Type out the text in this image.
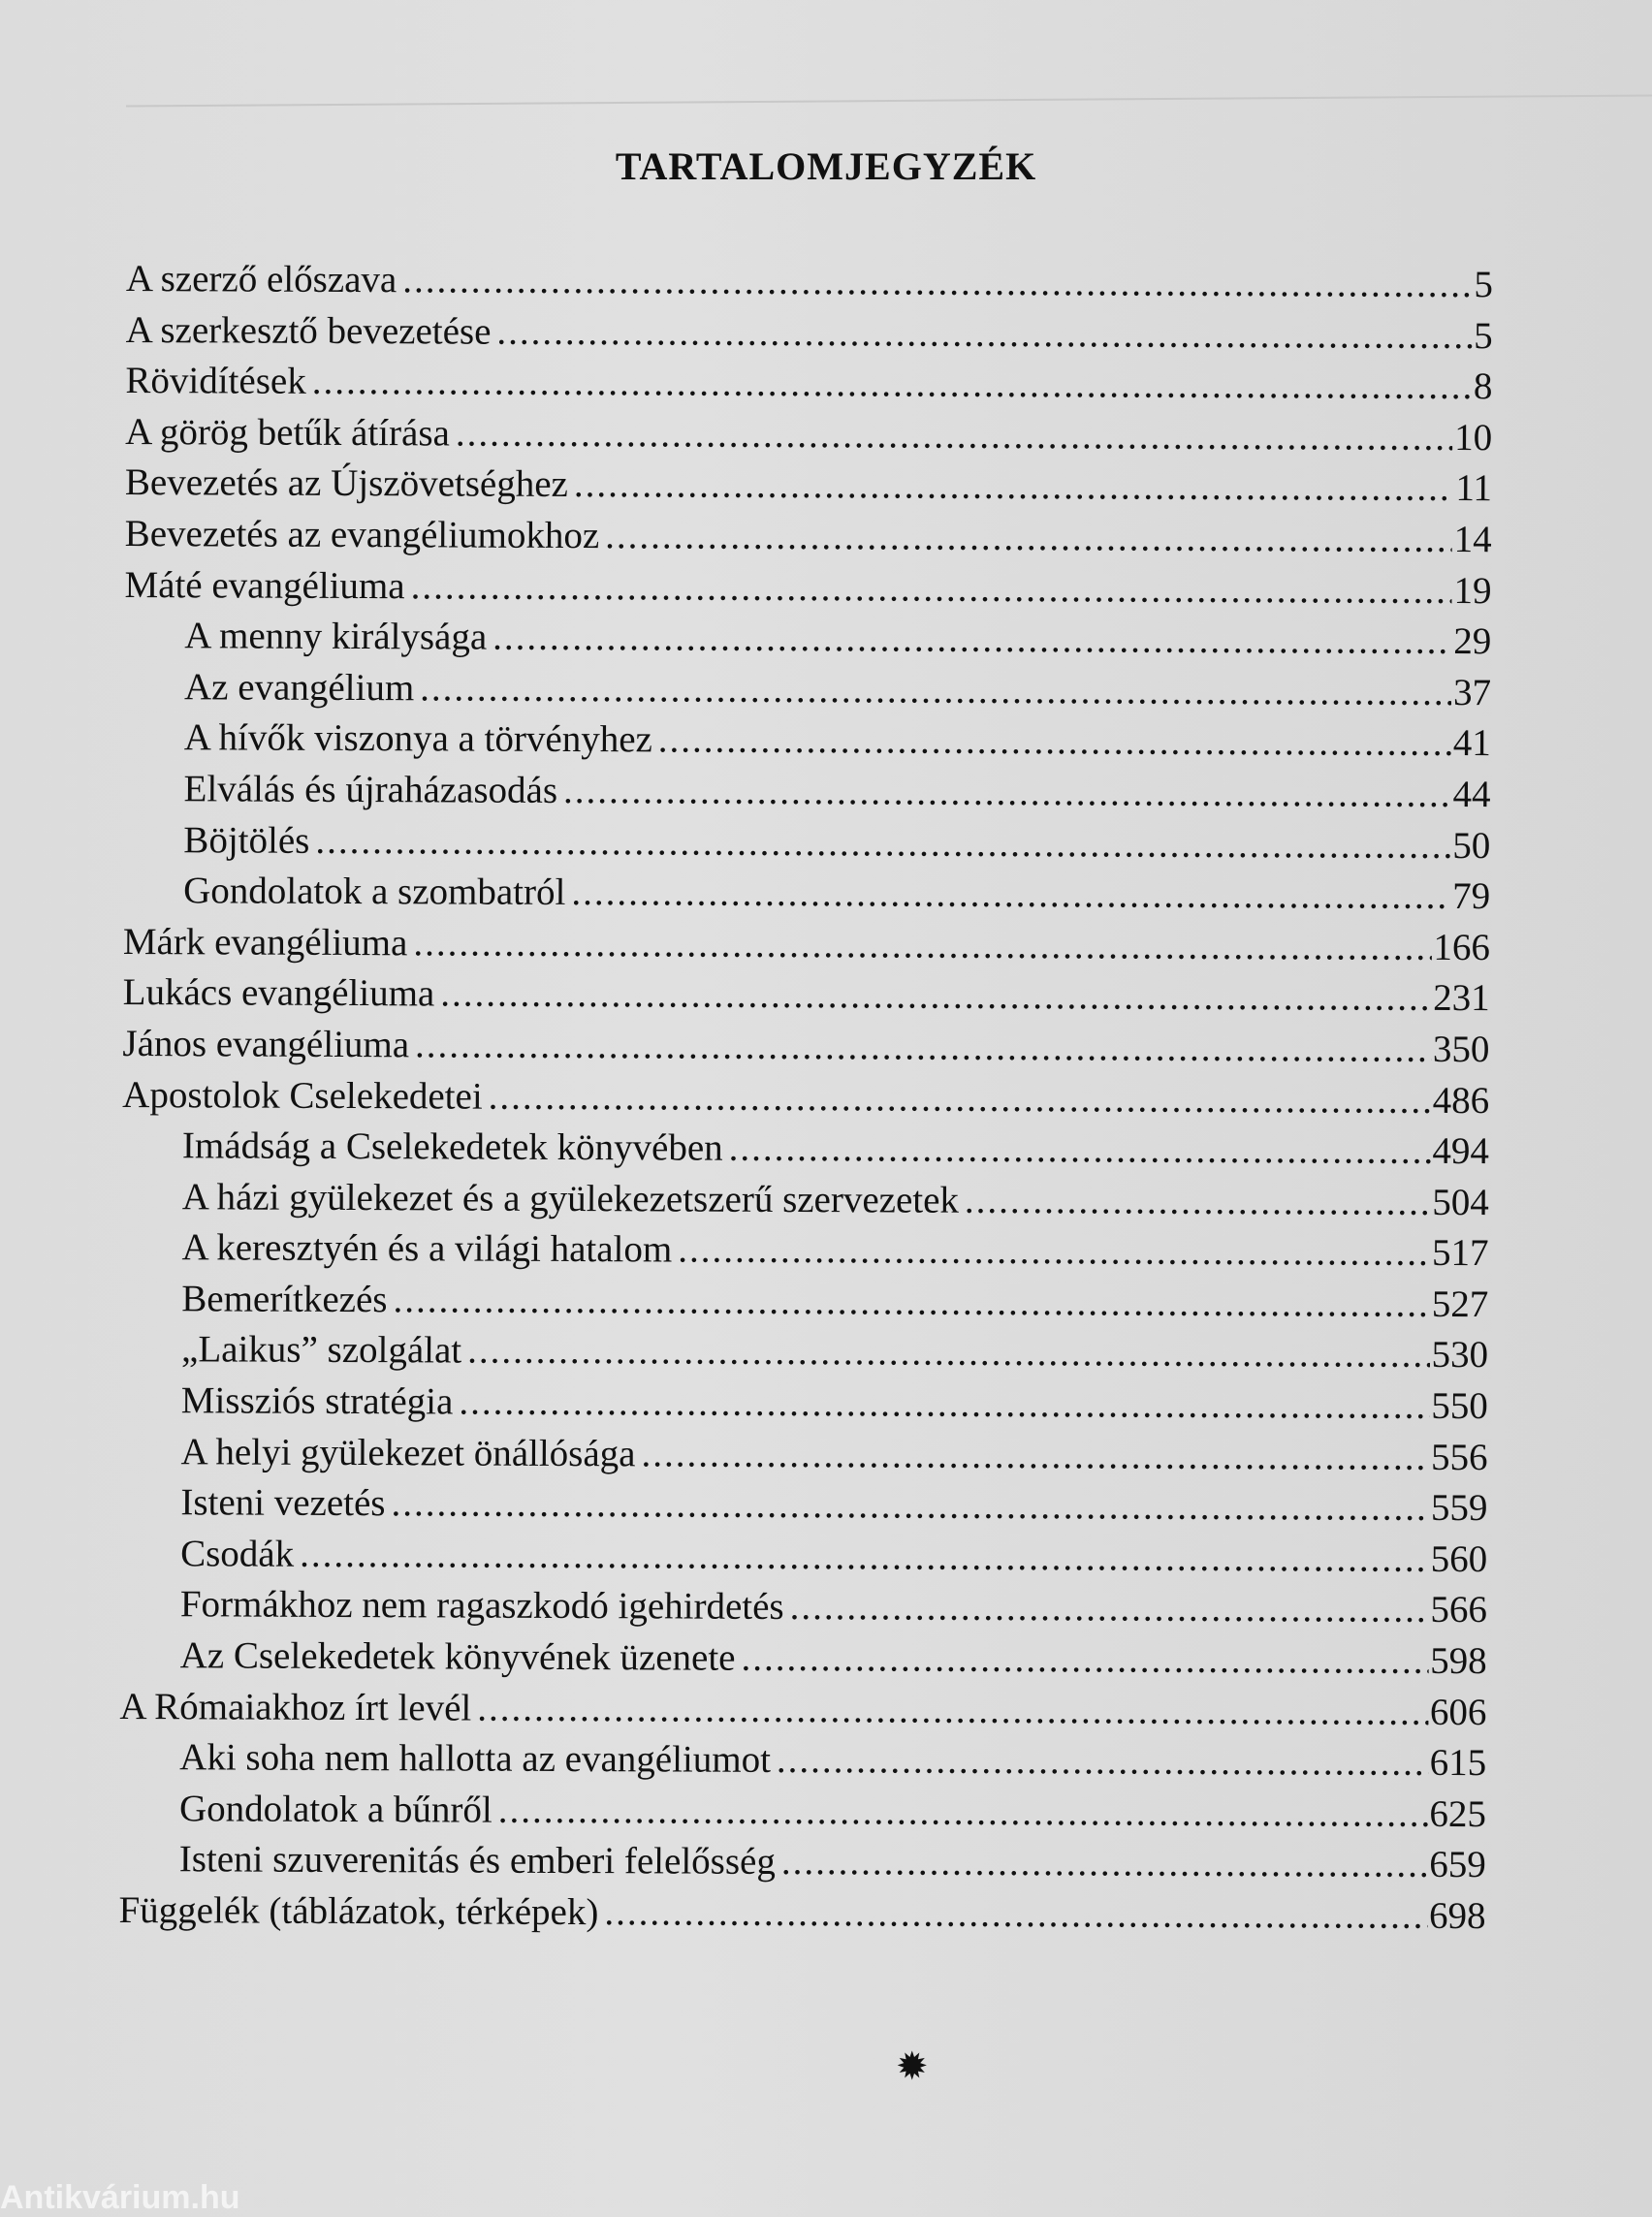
TARTALOMJEGYZÉK
A szerző előszava .....	5
A szerkesztő bevezetése .....	5
Rövidítések .....	8
A görög betűk átírása .....	10
Bevezetés az Újszövetséghez .....	11
Bevezetés az evangéliumokhoz .....	14
Máté evangéliuma .....	19
A menny királysága .....	29
Az evangélium .....	37
A hívők viszonya a törvényhez .....	41
Elválás és újraházasodás .....	44
Böjtölés .....	50
Gondolatok a szombatról .....	79
Márk evangéliuma .....	166
Lukács evangéliuma .....	231
János evangéliuma .....	350
Apostolok Cselekedetei .....	486
Imádság a Cselekedetek könyvében .....	494
A házi gyülekezet és a gyülekezetszerű szervezetek .....	504
A keresztyén és a világi hatalom .....	517
Bemerítkezés .....	527
„Laikus” szolgálat .....	530
Missziós stratégia .....	550
A helyi gyülekezet önállósága .....	556
Isteni vezetés .....	559
Csodák .....	560
Formákhoz nem ragaszkodó igehirdetés .....	566
Az Cselekedetek könyvének üzenete .....	598
A Rómaiakhoz írt levél .....	606
Aki soha nem hallotta az evangéliumot .....	615
Gondolatok a bűnről .....	625
Isteni szuverenitás és emberi felelősség .....	659
Függelék (táblázatok, térképek) .....	698
✹
Antikvárium.hu
